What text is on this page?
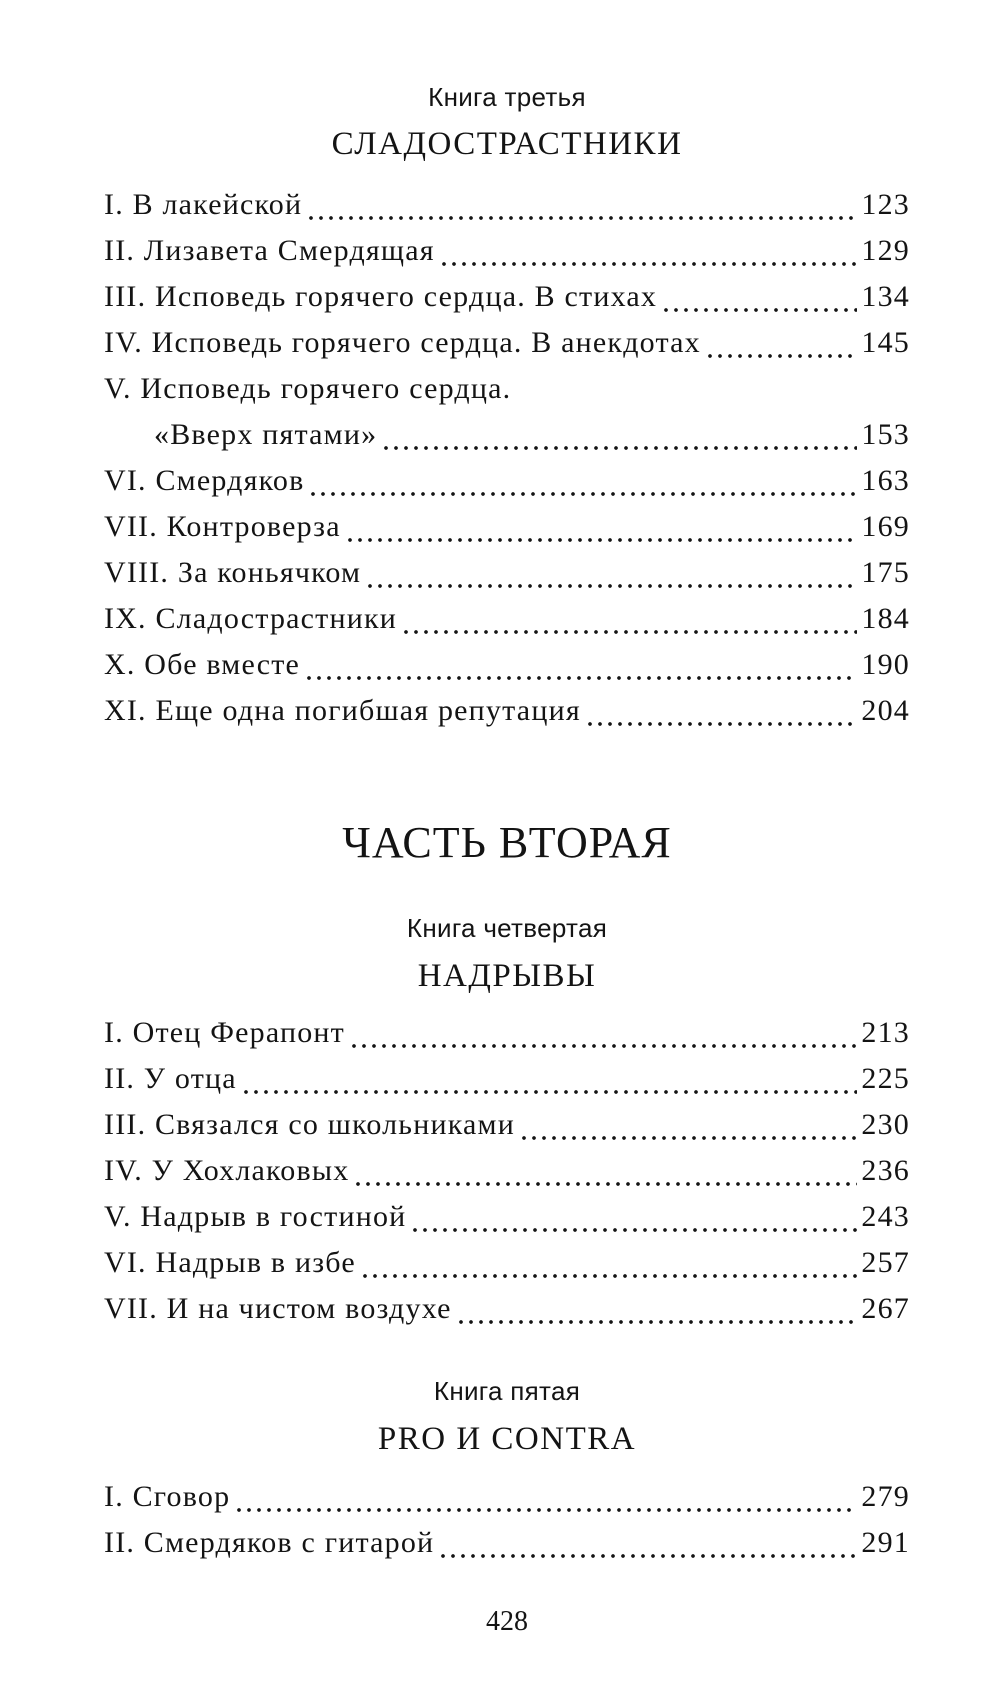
Книга третья
СЛАДОСТРАСТНИКИ
I. В лакейской	123
II. Лизавета Смердящая	129
III. Исповедь горячего сердца. В стихах	134
IV. Исповедь горячего сердца. В анекдотах	145
V. Исповедь горячего сердца.
«Вверх пятами»	153
VI. Смердяков	163
VII. Контроверза	169
VIII. За коньячком	175
IX. Сладострастники	184
X. Обе вместе	190
XI. Еще одна погибшая репутация	204
ЧАСТЬ ВТОРАЯ
Книга четвертая
НАДРЫВЫ
I. Отец Ферапонт	213
II. У отца	225
III. Связался со школьниками	230
IV. У Хохлаковых	236
V. Надрыв в гостиной	243
VI. Надрыв в избе	257
VII. И на чистом воздухе	267
Книга пятая
PRO И CONTRA
I. Сговор	279
II. Смердяков с гитарой	291
428
